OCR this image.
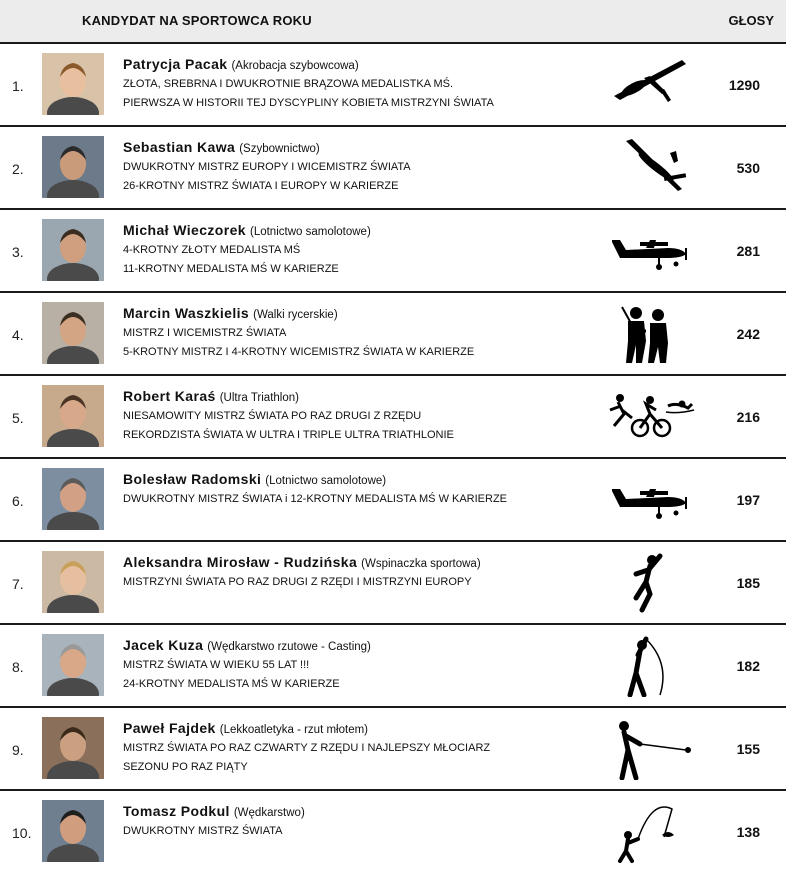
KANDYDAT NA SPORTOWCA ROKU	GŁOSY
1.
Patrycja Pacak (Akrobacja szybowcowa)
ZŁOTA, SREBRNA I DWUKROTNIE BRĄZOWA MEDALISTKA MŚ.
PIERWSZA W HISTORII TEJ DYSCYPLINY KOBIETA MISTRZYNI ŚWIATA
1290
2.
Sebastian Kawa (Szybownictwo)
DWUKROTNY MISTRZ EUROPY I WICEMISTRZ ŚWIATA
26-KROTNY MISTRZ ŚWIATA I EUROPY W KARIERZE
530
3.
Michał Wieczorek (Lotnictwo samolotowe)
4-KROTNY ZŁOTY MEDALISTA MŚ
11-KROTNY MEDALISTA MŚ W KARIERZE
281
4.
Marcin Waszkielis (Walki rycerskie)
MISTRZ I WICEMISTRZ ŚWIATA
5-KROTNY MISTRZ I 4-KROTNY WICEMISTRZ ŚWIATA W KARIERZE
242
5.
Robert Karaś (Ultra Triathlon)
NIESAMOWITY MISTRZ ŚWIATA PO RAZ DRUGI Z RZĘDU
REKORDZISTA ŚWIATA W ULTRA I TRIPLE ULTRA TRIATHLONIE
216
6.
Bolesław Radomski (Lotnictwo samolotowe)
DWUKROTNY MISTRZ ŚWIATA i 12-KROTNY MEDALISTA MŚ W KARIERZE	197
7.
Aleksandra Mirosław - Rudzińska (Wspinaczka sportowa)
MISTRZYNI ŚWIATA PO RAZ DRUGI Z RZĘDI I MISTRZYNI EUROPY	185
8.
Jacek Kuza (Wędkarstwo rzutowe - Casting)
MISTRZ ŚWIATA W WIEKU 55 LAT !!!
24-KROTNY MEDALISTA MŚ W KARIERZE
182
9.
Paweł Fajdek (Lekkoatletyka - rzut młotem)
MISTRZ ŚWIATA PO RAZ CZWARTY Z RZĘDU I NAJLEPSZY MŁOCIARZ
SEZONU PO RAZ PIĄTY
155
10.
Tomasz Podkul (Wędkarstwo)
DWUKROTNY MISTRZ ŚWIATA	138
